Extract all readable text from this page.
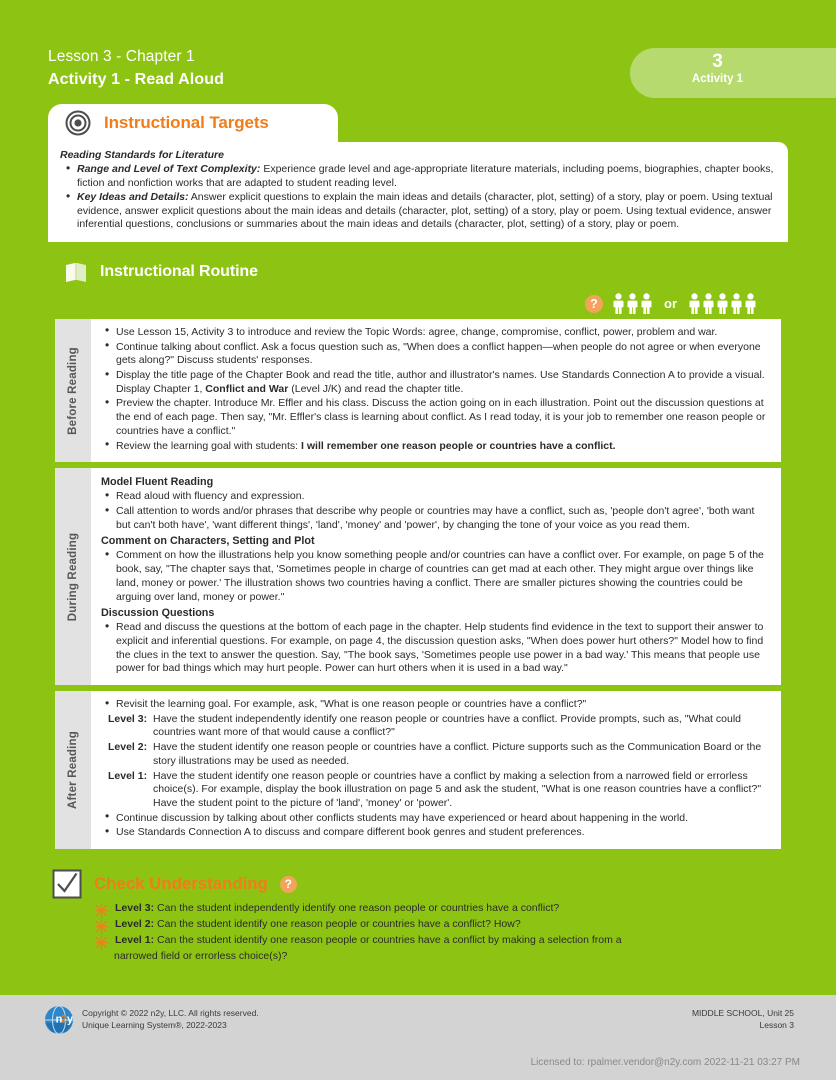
Lesson 3 - Chapter 1
Activity 1 - Read Aloud
3
Activity 1
Instructional Targets
Reading Standards for Literature
• Range and Level of Text Complexity: Experience grade level and age-appropriate literature materials, including poems, biographies, chapter books, fiction and nonfiction works that are adapted to student reading level.
• Key Ideas and Details: Answer explicit questions to explain the main ideas and details (character, plot, setting) of a story, play or poem. Using textual evidence, answer explicit questions about the main ideas and details (character, plot, setting) of a story, play or poem. Using textual evidence, answer inferential questions, conclusions or summaries about the main ideas and details (character, plot, setting) of a story, play or poem.
Instructional Routine
?	or
Before Reading
• Use Lesson 15, Activity 3 to introduce and review the Topic Words: agree, change, compromise, conflict, power, problem and war.
• Continue talking about conflict. Ask a focus question such as, "When does a conflict happen—when people do not agree or when everyone gets along?" Discuss students' responses.
• Display the title page of the Chapter Book and read the title, author and illustrator's names. Use Standards Connection A to provide a visual. Display Chapter 1, Conflict and War (Level J/K) and read the chapter title.
• Preview the chapter. Introduce Mr. Effler and his class. Discuss the action going on in each illustration. Point out the discussion questions at the end of each page. Then say, "Mr. Effler's class is learning about conflict. As I read today, it is your job to remember one reason people or countries have a conflict."
• Review the learning goal with students: I will remember one reason people or countries have a conflict.
During Reading
Model Fluent Reading
• Read aloud with fluency and expression.
• Call attention to words and/or phrases that describe why people or countries may have a conflict, such as, 'people don't agree', 'both want but can't both have', 'want different things', 'land', 'money' and 'power', by changing the tone of your voice as you read them.
Comment on Characters, Setting and Plot
• Comment on how the illustrations help you know something people and/or countries can have a conflict over. For example, on page 5 of the book, say, "The chapter says that, 'Sometimes people in charge of countries can get mad at each other. They might argue over things like land, money or power.' The illustration shows two countries having a conflict. There are smaller pictures showing the countries could be arguing over land, money or power."
Discussion Questions
• Read and discuss the questions at the bottom of each page in the chapter. Help students find evidence in the text to support their answer to explicit and inferential questions. For example, on page 4, the discussion question asks, "When does power hurt others?" Model how to find the clues in the text to answer the question. Say, "The book says, 'Sometimes people use power in a bad way.' This means that people use power for bad things which may hurt people. Power can hurt others when it is used in a bad way."
After Reading
• Revisit the learning goal. For example, ask, "What is one reason people or countries have a conflict?"
Level 3: Have the student independently identify one reason people or countries have a conflict. Provide prompts, such as, "What could countries want more of that would cause a conflict?"
Level 2: Have the student identify one reason people or countries have a conflict. Picture supports such as the Communication Board or the story illustrations may be used as needed.
Level 1: Have the student identify one reason people or countries have a conflict by making a selection from a narrowed field or errorless choice(s). For example, display the book illustration on page 5 and ask the student, "What is one reason countries have a conflict?" Have the student point to the picture of 'land', 'money' or 'power'.
• Continue discussion by talking about other conflicts students may have experienced or heard about happening in the world.
• Use Standards Connection A to discuss and compare different book genres and student preferences.
Check Understanding	?
Level 3: Can the student independently identify one reason people or countries have a conflict?
Level 2: Can the student identify one reason people or countries have a conflict? How?
Level 1: Can the student identify one reason people or countries have a conflict by making a selection from a
narrowed field or errorless choice(s)?
n
2 y
Copyright © 2022 n2y, LLC. All rights reserved.
Unique Learning System®, 2022-2023
MIDDLE SCHOOL, Unit 25
Lesson 3
Licensed to: rpalmer.vendor@n2y.com 2022-11-21 03:27 PM
